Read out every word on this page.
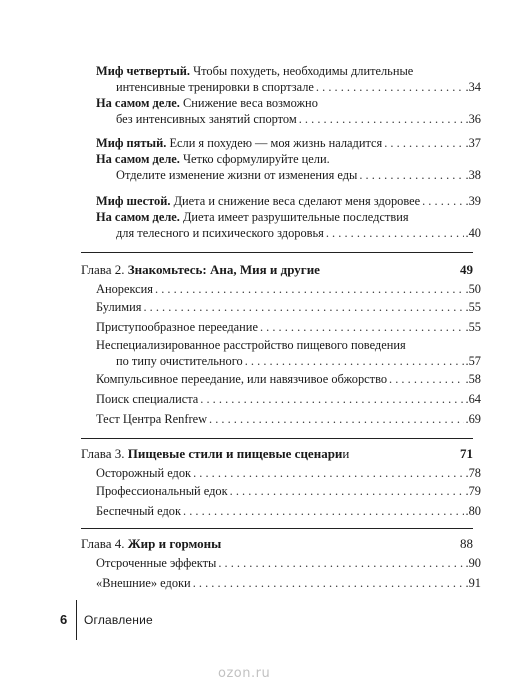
Миф четвертый. Чтобы похудеть, необходимы длительные
интенсивные тренировки в спортзале . . .	.34
На самом деле. Снижение веса возможно
без интенсивных занятий спортом . . .	.36
Миф пятый. Если я похудею — моя жизнь наладится . . .	.37
На самом деле. Четко сформулируйте цели.
Отделите изменение жизни от изменения еды . . .	.38
Миф шестой. Диета и снижение веса сделают меня здоровее . . .	.39
На самом деле. Диета имеет разрушительные последствия
для телесного и психического здоровья . . .	.40
Глава 2. Знакомьтесь: Ана, Мия и другие	49
Анорексия . . .	.50
Булимия . . .	.55
Приступообразное переедание . . .	.55
Неспециализированное расстройство пищевого поведения
по типу очистительного . . .	.57
Компульсивное переедание, или навязчивое обжорство . . .	.58
Поиск специалиста . . .	.64
Тест Центра Renfrew . . .	.69
Глава 3. Пищевые стили и пищевые сценарии	71
Осторожный едок . . .	.78
Профессиональный едок . . .	.79
Беспечный едок . . .	.80
Глава 4. Жир и гормоны	88
Отсроченные эффекты . . .	.90
«Внешние» едоки . . .	.91
6 Оглавление
ozon.ru
